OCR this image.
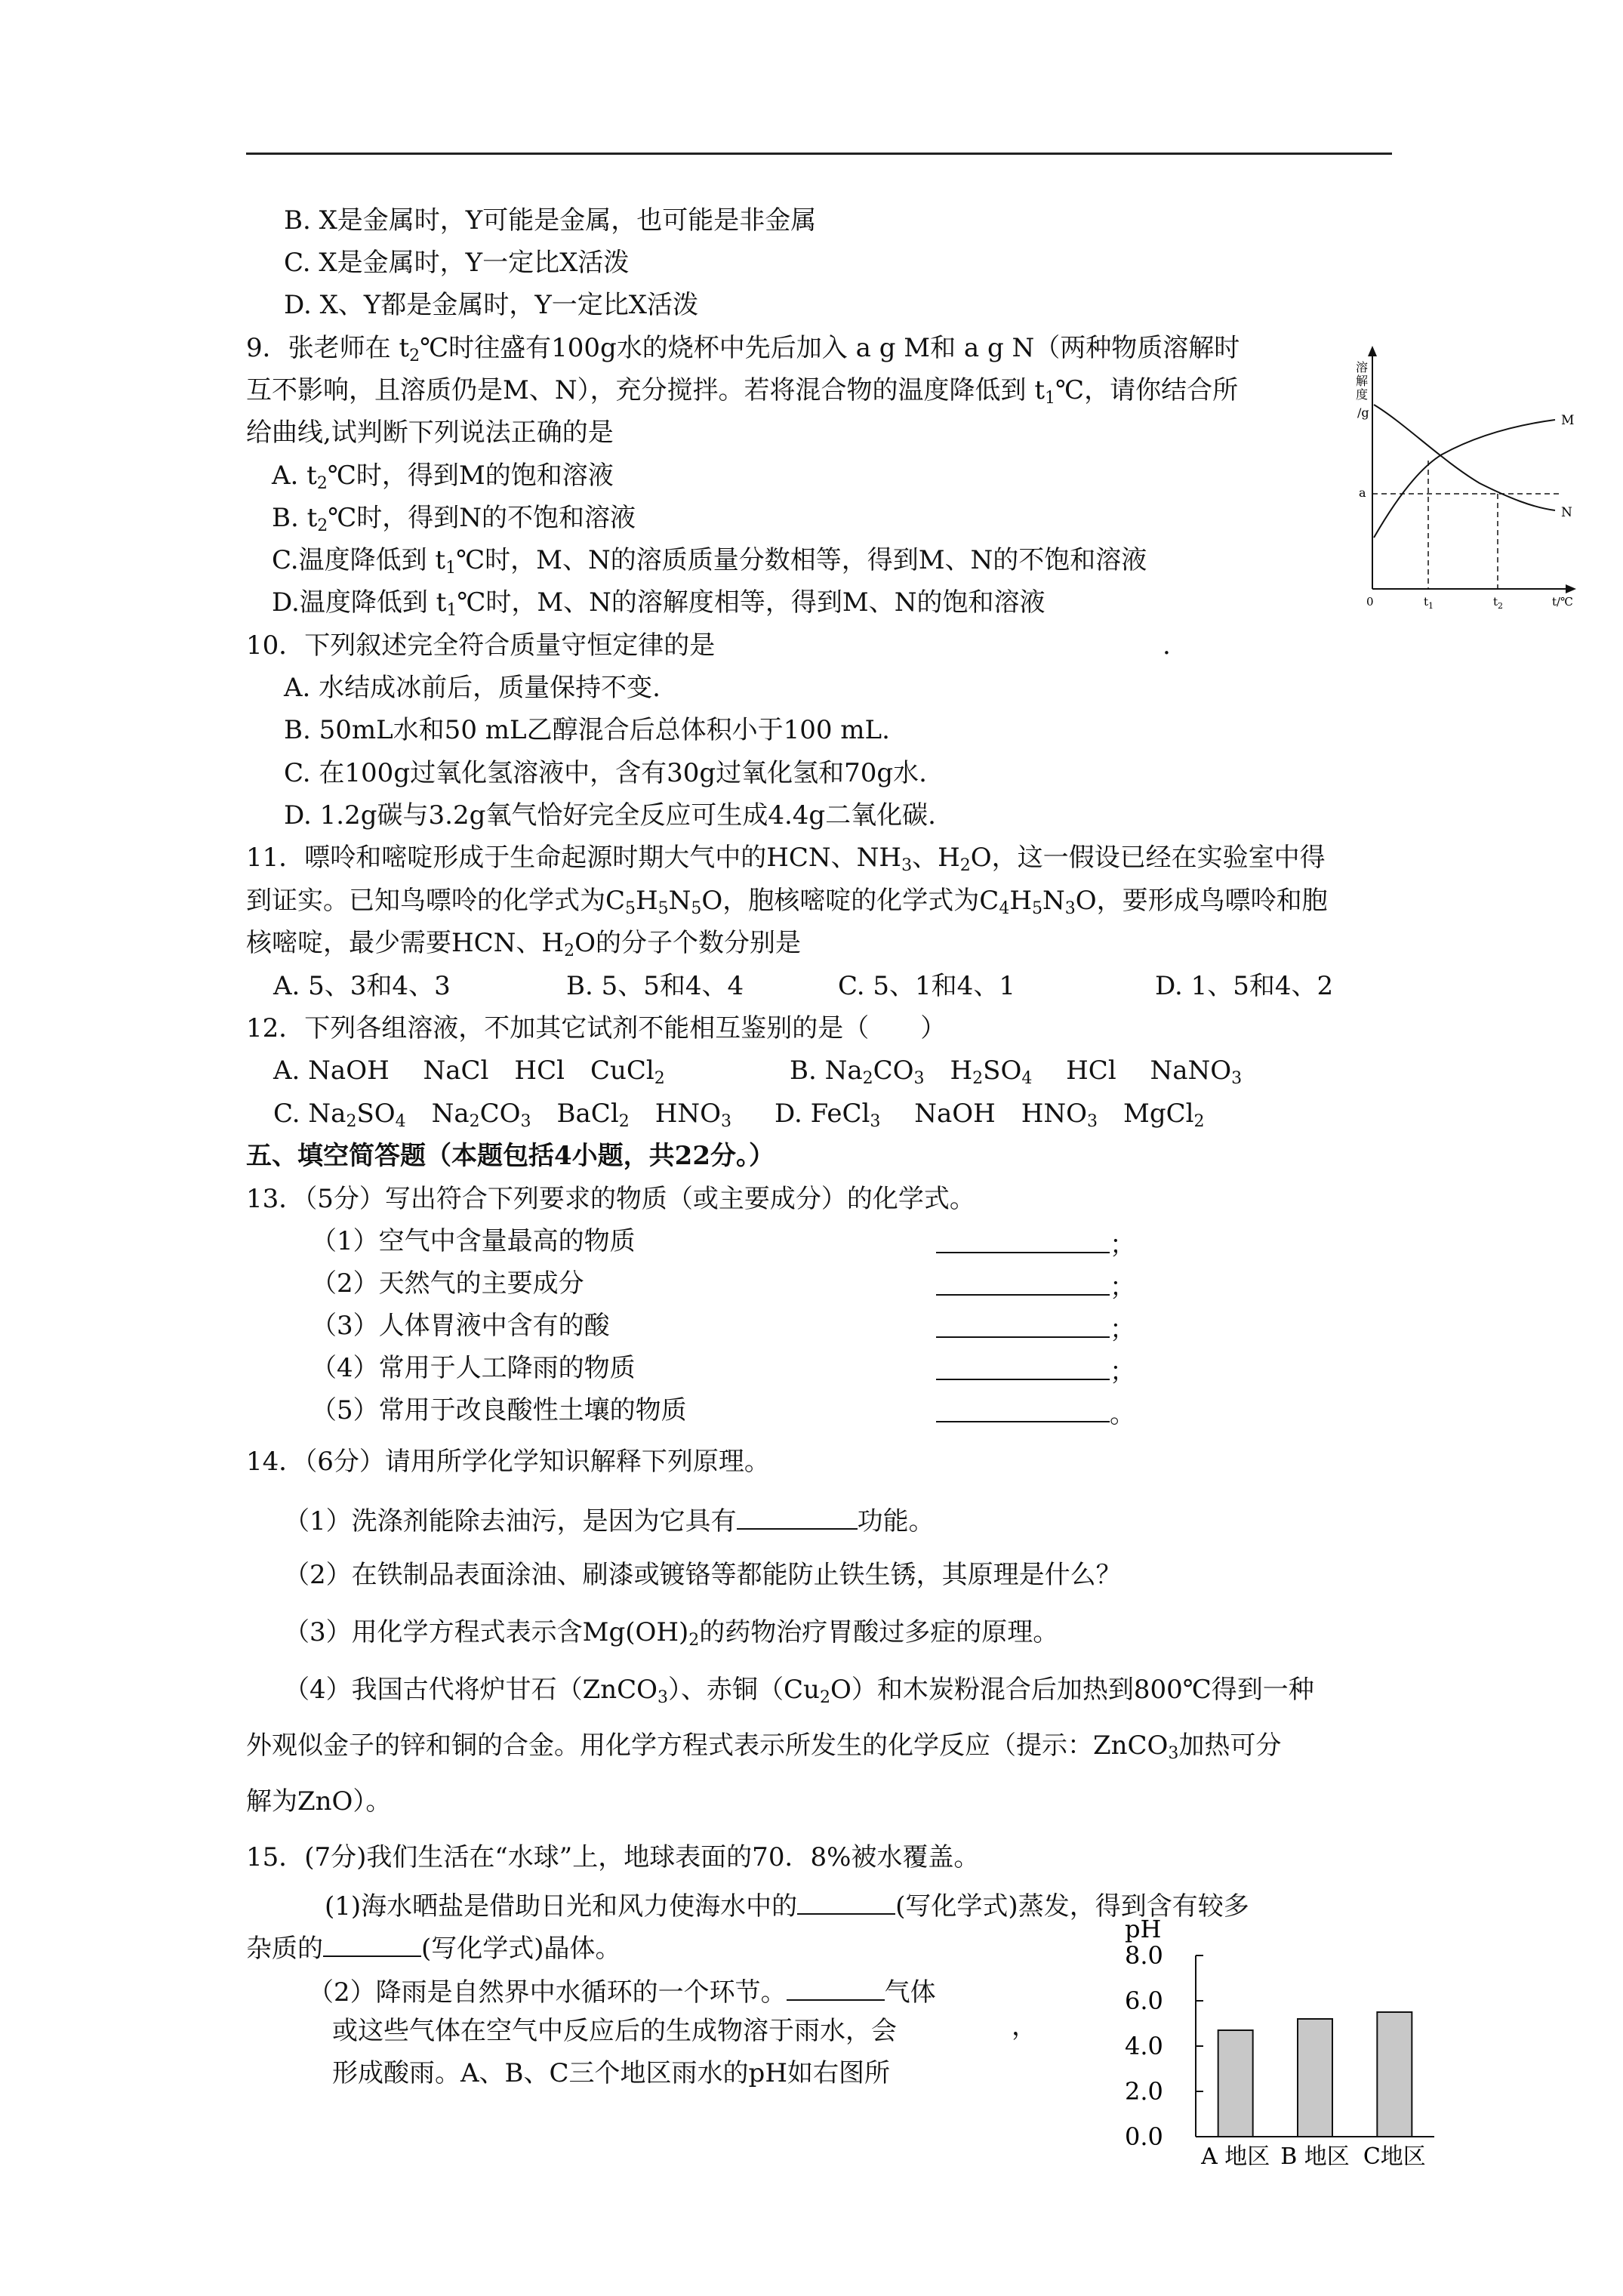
B. X是金属时，Y可能是金属，也可能是非金属
C. X是金属时，Y一定比X活泼
D. X、Y都是金属时，Y一定比X活泼
9．张老师在 $t_2℃$时往盛有100g水的烧杯中先后加入 a g M和 a g N（两种物质溶解时
互不影响，且溶质仍是M、N），充分搅拌。若将混合物的温度降低到 $t_1℃$，请你结合所
给曲线,试判断下列说法正确的是
A. $t_2℃$时，得到M的饱和溶液
B. $t_2℃$时，得到N的不饱和溶液
C.温度降低到 $t_1℃$时，M、N的溶质质量分数相等，得到M、N的不饱和溶液
D.温度降低到 $t_1℃$时，M、N的溶解度相等，得到M、N的饱和溶液
溶
解
度
/g
a
M
N
0	$t_1$	$t_2$	t/℃
10．下列叙述完全符合质量守恒定律的是	.
A. 水结成冰前后，质量保持不变.
B. 50mL水和50 mL乙醇混合后总体积小于100 mL.
C. 在100g过氧化氢溶液中，含有30g过氧化氢和70g水.
D. 1.2g碳与3.2g氧气恰好完全反应可生成4.4g二氧化碳.
11．嘌呤和嘧啶形成于生命起源时期大气中的HCN、$NH_3$、$H_2O$，这一假设已经在实验室中得
到证实。已知鸟嘌呤的化学式为$C_5H_5N_5O$，胞核嘧啶的化学式为$C_4H_5N_3O$，要形成鸟嘌呤和胞
核嘧啶，最少需要HCN、$H_2O$的分子个数分别是
A. 5、3和4、3	B. 5、5和4、4	C. 5、1和4、1	D. 1、5和4、2
12．下列各组溶液，不加其它试剂不能相互鉴别的是（　　）
A. NaOH　 NaCl　HCl　CuCl$_2$	B. $Na_2CO_3$　$H_2SO_4$　 HCl　 NaNO$_3$
C. $Na_2SO_4$　$Na_2CO_3$　BaCl$_2$　$HNO_3$ D. FeCl$_3$　 NaOH　$HNO_3$　MgCl$_2$
五、填空简答题（本题包括4小题，共22分。）
13．（5分）写出符合下列要求的物质（或主要成分）的化学式。
（1）空气中含量最高的物质
（2）天然气的主要成分
（3）人体胃液中含有的酸
（4）常用于人工降雨的物质
（5）常用于改良酸性土壤的物质
；
；
；
；
。
14．（6分）请用所学化学知识解释下列原理。
（1）洗涤剂能除去油污，是因为它具有	功能。
（2）在铁制品表面涂油、刷漆或镀铬等都能防止铁生锈，其原理是什么？
（3）用化学方程式表示含$Mg(OH)_2$的药物治疗胃酸过多症的原理。
（4）我国古代将炉甘石（ZnCO$_3$）、赤铜$(Cu_2O)$和木炭粉混合后加热到800℃得到一种
外观似金子的锌和铜的合金。用化学方程式表示所发生的化学反应（提示：ZnCO$_3$加热可分
解为ZnO）。
15．(7分)我们生活在“水球”上，地球表面的70．8%被水覆盖。
(1)海水晒盐是借助日光和风力使海水中的	(写化学式)蒸发，得到含有较多
杂质的	(写化学式)晶体。
（2）降雨是自然界中水循环的一个环节。	气体
或这些气体在空气中反应后的生成物溶于雨水，会	，
形成酸雨。A、B、C三个地区雨水的pH如右图所
pH
0.0
2.0
4.0
6.0
8.0
A 地区 B 地区 C地区
